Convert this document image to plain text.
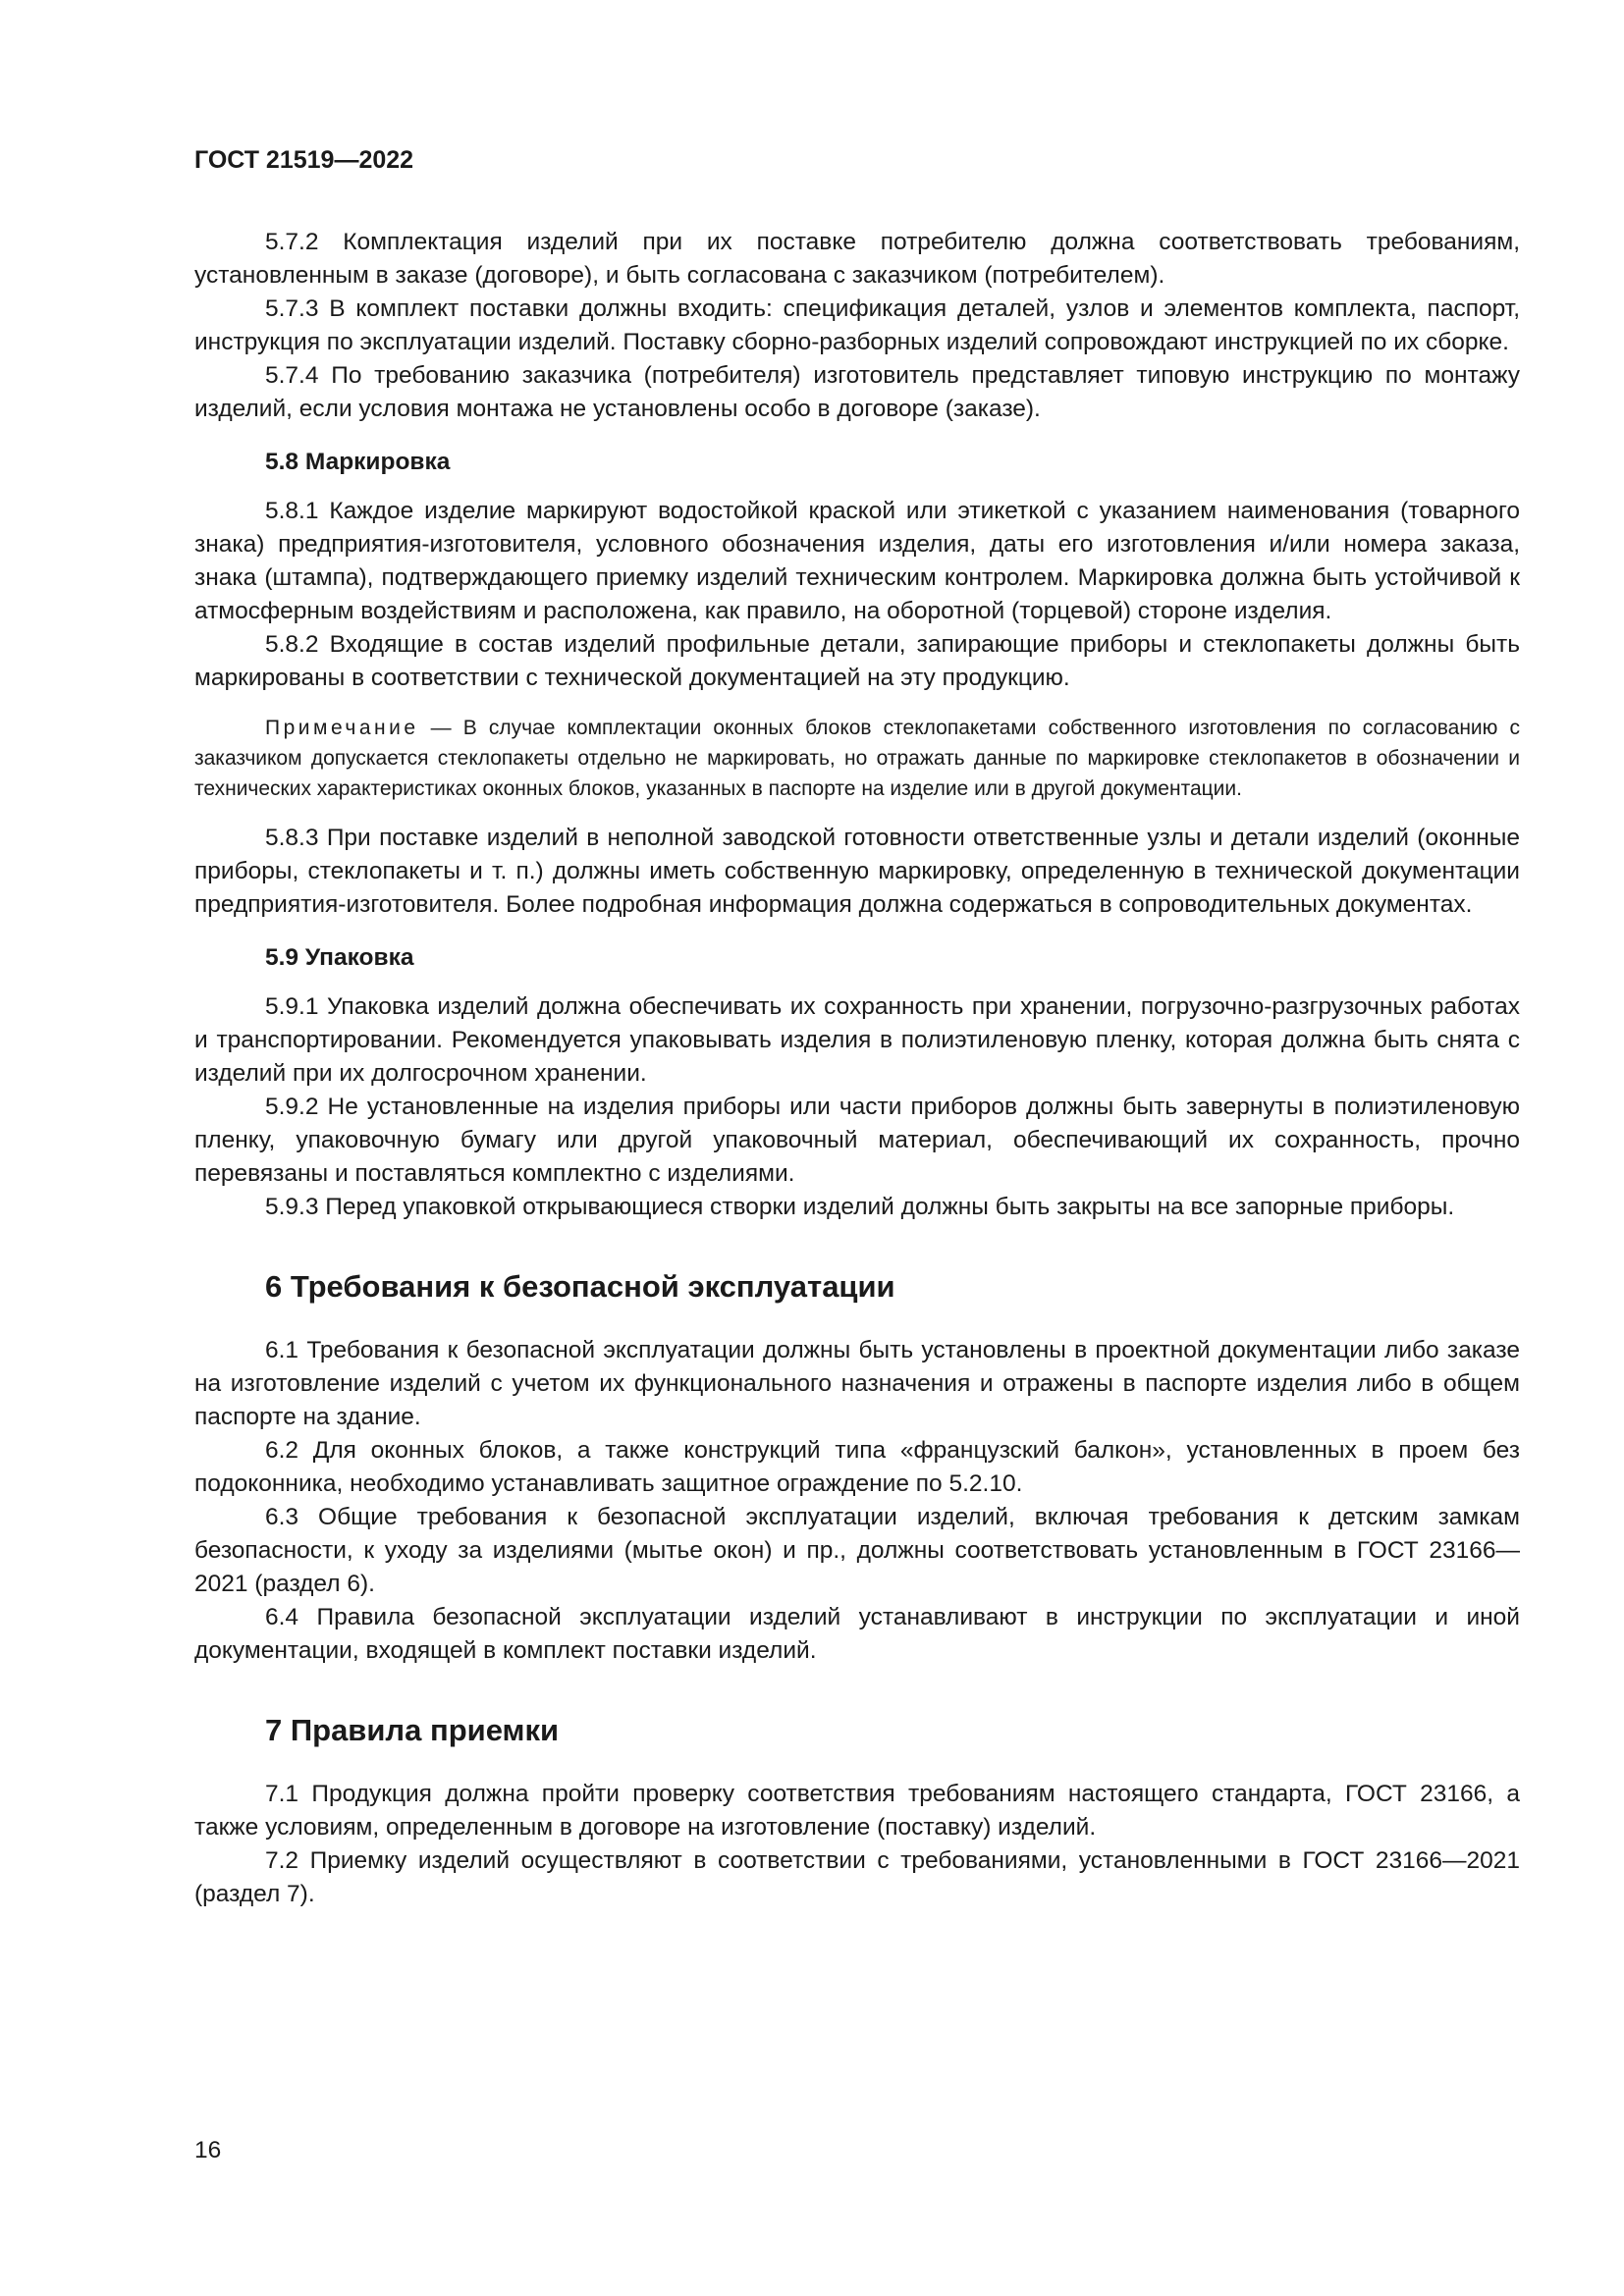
ГОСТ 21519—2022

5.7.2 Комплектация изделий при их поставке потребителю должна соответствовать требованиям, установленным в заказе (договоре), и быть согласована с заказчиком (потребителем).

5.7.3 В комплект поставки должны входить: спецификация деталей, узлов и элементов комплекта, паспорт, инструкция по эксплуатации изделий. Поставку сборно-разборных изделий сопровождают инструкцией по их сборке.

5.7.4 По требованию заказчика (потребителя) изготовитель представляет типовую инструкцию по монтажу изделий, если условия монтажа не установлены особо в договоре (заказе).

5.8 Маркировка

5.8.1 Каждое изделие маркируют водостойкой краской или этикеткой с указанием наименования (товарного знака) предприятия-изготовителя, условного обозначения изделия, даты его изготовления и/или номера заказа, знака (штампа), подтверждающего приемку изделий техническим контролем. Маркировка должна быть устойчивой к атмосферным воздействиям и расположена, как правило, на оборотной (торцевой) стороне изделия.

5.8.2 Входящие в состав изделий профильные детали, запирающие приборы и стеклопакеты должны быть маркированы в соответствии с технической документацией на эту продукцию.

Примечание — В случае комплектации оконных блоков стеклопакетами собственного изготовления по согласованию с заказчиком допускается стеклопакеты отдельно не маркировать, но отражать данные по маркировке стеклопакетов в обозначении и технических характеристиках оконных блоков, указанных в паспорте на изделие или в другой документации.

5.8.3 При поставке изделий в неполной заводской готовности ответственные узлы и детали изделий (оконные приборы, стеклопакеты и т. п.) должны иметь собственную маркировку, определенную в технической документации предприятия-изготовителя. Более подробная информация должна содержаться в сопроводительных документах.

5.9 Упаковка

5.9.1 Упаковка изделий должна обеспечивать их сохранность при хранении, погрузочно-разгрузочных работах и транспортировании. Рекомендуется упаковывать изделия в полиэтиленовую пленку, которая должна быть снята с изделий при их долгосрочном хранении.

5.9.2 Не установленные на изделия приборы или части приборов должны быть завернуты в полиэтиленовую пленку, упаковочную бумагу или другой упаковочный материал, обеспечивающий их сохранность, прочно перевязаны и поставляться комплектно с изделиями.

5.9.3 Перед упаковкой открывающиеся створки изделий должны быть закрыты на все запорные приборы.

6 Требования к безопасной эксплуатации

6.1 Требования к безопасной эксплуатации должны быть установлены в проектной документации либо заказе на изготовление изделий с учетом их функционального назначения и отражены в паспорте изделия либо в общем паспорте на здание.

6.2 Для оконных блоков, а также конструкций типа «французский балкон», установленных в проем без подоконника, необходимо устанавливать защитное ограждение по 5.2.10.

6.3 Общие требования к безопасной эксплуатации изделий, включая требования к детским замкам безопасности, к уходу за изделиями (мытье окон) и пр., должны соответствовать установленным в ГОСТ 23166—2021 (раздел 6).

6.4 Правила безопасной эксплуатации изделий устанавливают в инструкции по эксплуатации и иной документации, входящей в комплект поставки изделий.

7 Правила приемки

7.1 Продукция должна пройти проверку соответствия требованиям настоящего стандарта, ГОСТ 23166, а также условиям, определенным в договоре на изготовление (поставку) изделий.

7.2 Приемку изделий осуществляют в соответствии с требованиями, установленными в ГОСТ 23166—2021 (раздел 7).

16
